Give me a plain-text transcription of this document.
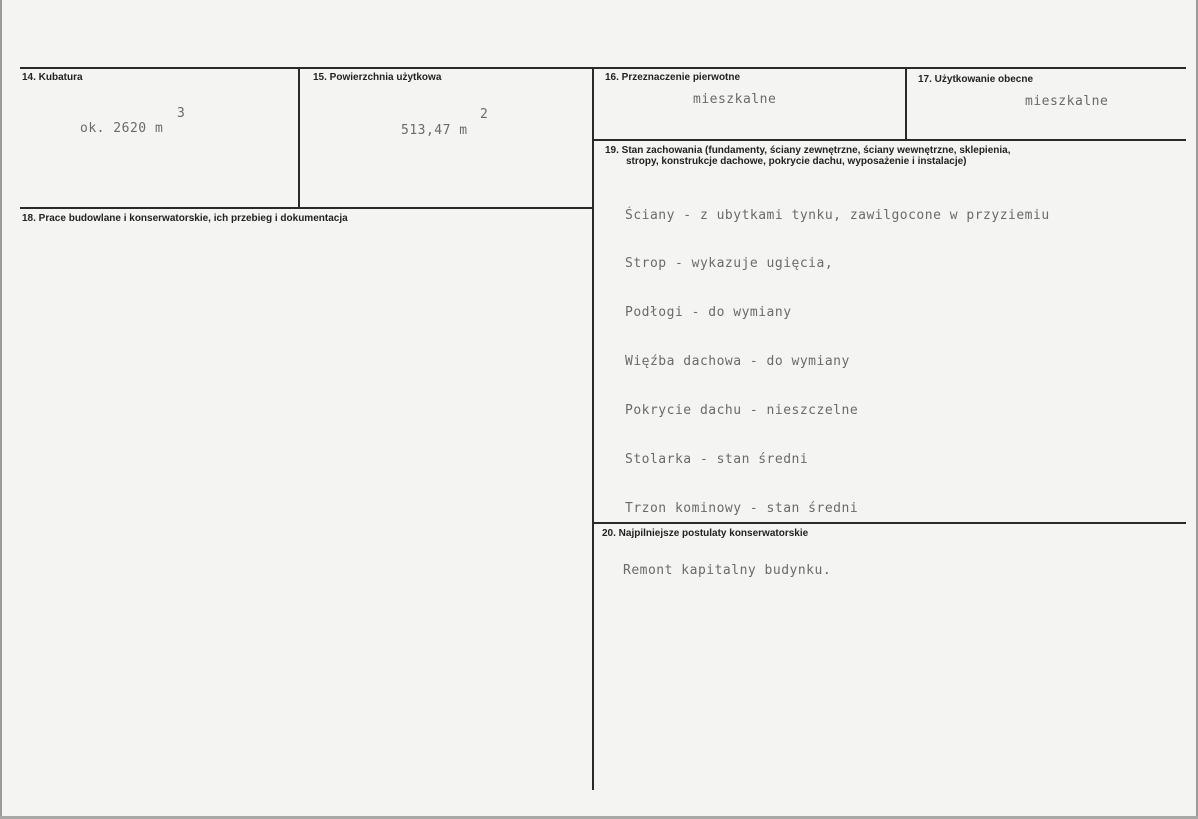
14. Kubatura
3
ok. 2620 m
15. Powierzchnia użytkowa
2
513,47 m
16. Przeznaczenie pierwotne
mieszkalne
17. Użytkowanie obecne
mieszkalne
18. Prace budowlane i konserwatorskie, ich przebieg i dokumentacja
19. Stan zachowania (fundamenty, ściany zewnętrzne, ściany wewnętrzne, sklepienia,
stropy, konstrukcje dachowe, pokrycie dachu, wyposażenie i instalacje)

Ściany - z ubytkami tynku, zawilgocone w przyziemiu

Strop - wykazuje ugięcia,

Podłogi - do wymiany

Więźba dachowa - do wymiany

Pokrycie dachu - nieszczelne

Stolarka - stan średni

Trzon kominowy - stan średni

20. Najpilniejsze postulaty konserwatorskie
Remont kapitalny budynku.
